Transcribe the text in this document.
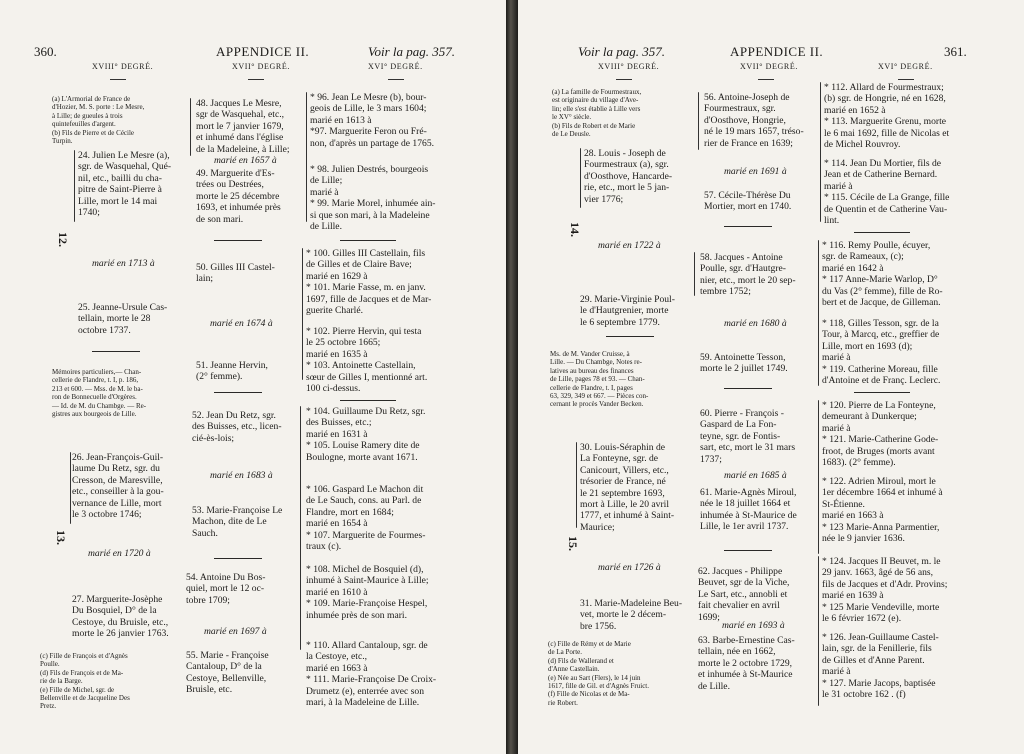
360.	APPENDICE II.	Voir la pag. 357.
XVIII° DEGRÉ.	XVII° DEGRÉ.	XVI° DEGRÉ.
(a) L'Armorial de France de
d'Hozier, M. S. porte : Le Mesre,
à Lille; de gueules à trois
quintefeuilles d'argent.
(b) Fils de Pierre et de Cécile
Turpin.
Mémoires particuliers,— Chan-
cellerie de Flandre, t. I, p. 186,
213 et 600. — Mss. de M. le ba-
ron de Bonnecuelle d'Orgères.
— Id. de M. du Chambge. — Re-
gistres aux bourgeois de Lille.
(c) Fille de François et d'Agnès
Poulle.
(d) Fils de François et de Ma-
rie de la Barge.
(e) Fille de Michel, sgr. de
Bellenville et de Jacqueline Des
Pretz.
24. Julien Le Mesre (a),
sgr. de Wasquehal, Qué-
nil, etc., bailli du cha-
pitre de Saint-Pierre à
Lille, mort le 14 mai
1740;
12.
marié en 1713 à
25. Jeanne-Ursule Cas-
tellain, morte le 28
octobre 1737.
26. Jean-François-Guil-
laume Du Retz, sgr. du
Cresson, de Maresville,
etc., conseiller à la gou-
vernance de Lille, mort
le 3 octobre 1746;
13.
marié en 1720 à
27. Marguerite-Josèphe
Du Bosquiel, D° de la
Cestoye, du Bruisle, etc.,
morte le 26 janvier 1763.
48. Jacques Le Mesre,
sgr de Wasquehal, etc.,
mort le 7 janvier 1679,
et inhumé dans l'église
de la Madeleine, à Lille;
marié en 1657 à
49. Marguerite d'Es-
trées ou Destrées,
morte le 25 décembre
1693, et inhumée près
de son mari.
50. Gilles III Castel-
lain;
marié en 1674 à
51. Jeanne Hervin,
(2° femme).
52. Jean Du Retz, sgr.
des Buisses, etc., licen-
cié-ès-lois;
marié en 1683 à
53. Marie-Françoise Le
Machon, dite de Le
Sauch.
54. Antoine Du Bos-
quiel, mort le 12 oc-
tobre 1709;
marié en 1697 à
55. Marie - Françoise
Cantaloup, D° de la
Cestoye, Bellenville,
Bruisle, etc.
* 96. Jean Le Mesre (b), bour-
geois de Lille, le 3 mars 1604;
marié en 1613 à
*97. Marguerite Feron ou Fré-
non, d'après un partage de 1765.
* 98. Julien Destrés, bourgeois
de Lille;
marié à
* 99. Marie Morel, inhumée ain-
si que son mari, à la Madeleine
de Lille.
* 100. Gilles III Castellain, fils
de Gilles et de Claire Bave;
marié en 1629 à
* 101. Marie Fasse, m. en janv.
1697, fille de Jacques et de Mar-
guerite Charlé.
* 102. Pierre Hervin, qui testa
le 25 octobre 1665;
marié en 1635 à
* 103. Antoinette Castellain,
sœur de Gilles I, mentionné art.
100 ci-dessus.
* 104. Guillaume Du Retz, sgr.
des Buisses, etc.;
marié en 1631 à
* 105. Louise Ramery dite de
Boulogne, morte avant 1671.
* 106. Gaspard Le Machon dit
de Le Sauch, cons. au Parl. de
Flandre, mort en 1684;
marié en 1654 à
* 107. Marguerite de Fourmes-
traux (c).
* 108. Michel de Bosquiel (d),
inhumé à Saint-Maurice à Lille;
marié en 1610 à
* 109. Marie-Françoise Hespel,
inhumée près de son mari.
* 110. Allard Cantaloup, sgr. de
la Cestoye, etc.,
marié en 1663 à
* 111. Marie-Françoise De Croix-
Drumetz (e), enterrée avec son
mari, à la Madeleine de Lille.
Voir la pag. 357.	APPENDICE II.	361.
XVIII° DEGRÉ.	XVII° DEGRÉ.	XVI° DEGRÉ.
(a) La famille de Fourmestraux,
est originaire du village d'Ave-
lin; elle s'est établie à Lille vers
le XV° siècle.
(b) Fils de Robert et de Marie
de Le Deusle.
Ms. de M. Vander Cruisse, à
Lille. — Du Chambge, Notes re-
latives au bureau des finances
de Lille, pages 78 et 93. — Chan-
cellerie de Flandre, t. I, pages
63, 329, 349 et 667. — Pièces con-
cernant le procès Vander Becken.
(c) Fille de Rémy et de Marie
de La Porte.
(d) Fils de Wallerand et
d'Anne Castellain.
(e) Née au Sart (Flers), le 14 juin
1617, fille de Gil. et d'Agnès Fruict.
(f) Fille de Nicolas et de Ma-
rie Robert.
28. Louis - Joseph de
Fourmestraux (a), sgr.
d'Oosthove, Hancarde-
rie, etc., mort le 5 jan-
vier 1776;
14.
marié en 1722 à
29. Marie-Virginie Poul-
le d'Hautgrenier, morte
le 6 septembre 1779.
30. Louis-Séraphin de
La Fonteyne, sgr. de
Canicourt, Villers, etc.,
trésorier de France, né
le 21 septembre 1693,
mort à Lille, le 20 avril
1777, et inhumé à Saint-
Maurice;
15.
marié en 1726 à
31. Marie-Madeleine Beu-
vet, morte le 2 décem-
bre 1756.
56. Antoine-Joseph de
Fourmestraux, sgr.
d'Oosthove, Hongrie,
né le 19 mars 1657, tréso-
rier de France en 1639;
marié en 1691 à
57. Cécile-Thérèse Du
Mortier, mort en 1740.
58. Jacques - Antoine
Poulle, sgr. d'Hautgre-
nier, etc., mort le 20 sep-
tembre 1752;
marié en 1680 à
59. Antoinette Tesson,
morte le 2 juillet 1749.
60. Pierre - François -
Gaspard de La Fon-
teyne, sgr. de Fontis-
sart, etc, mort le 31 mars
1737;
marié en 1685 à
61. Marie-Agnès Miroul,
née le 18 juillet 1664 et
inhumée à St-Maurice de
Lille, le 1er avril 1737.
62. Jacques - Philippe
Beuvet, sgr de la Viche,
Le Sart, etc., annobli et
fait chevalier en avril
1699;
marié en 1693 à
63. Barbe-Ernestine Cas-
tellain, née en 1662,
morte le 2 octobre 1729,
et inhumée à St-Maurice
de Lille.
* 112. Allard de Fourmestraux;
(b) sgr. de Hongrie, né en 1628,
marié en 1652 à
* 113. Marguerite Grenu, morte
le 6 mai 1692, fille de Nicolas et
de Michel Rouvroy.
* 114. Jean Du Mortier, fils de
Jean et de Catherine Bernard.
marié à
* 115. Cécile de La Grange, fille
de Quentin et de Catherine Vau-
lint.
* 116. Remy Poulle, écuyer,
sgr. de Rameaux, (c);
marié en 1642 à
* 117 Anne-Marie Warlop, D°
du Vas (2° femme), fille de Ro-
bert et de Jacque, de Gilleman.
* 118, Gilles Tesson, sgr. de la
Tour, à Marcq, etc., greffier de
Lille, mort en 1693 (d);
marié à
* 119. Catherine Moreau, fille
d'Antoine et de Franç. Leclerc.
* 120. Pierre de La Fonteyne,
demeurant à Dunkerque;
marié à
* 121. Marie-Catherine Gode-
froot, de Bruges (morts avant
1683). (2° femme).
* 122. Adrien Miroul, mort le
1er décembre 1664 et inhumé à
St-Étienne.
marié en 1663 à
* 123 Marie-Anna Parmentier,
née le 9 janvier 1636.
* 124. Jacques II Beuvet, m. le
29 janv. 1663, âgé de 56 ans,
fils de Jacques et d'Adr. Provins;
marié en 1639 à
* 125 Marie Vendeville, morte
le 6 février 1672 (e).
* 126. Jean-Guillaume Castel-
lain, sgr. de la Fenillerie, fils
de Gilles et d'Anne Parent.
marié à
* 127. Marie Jacops, baptisée
le 31 octobre 162 . (f)
